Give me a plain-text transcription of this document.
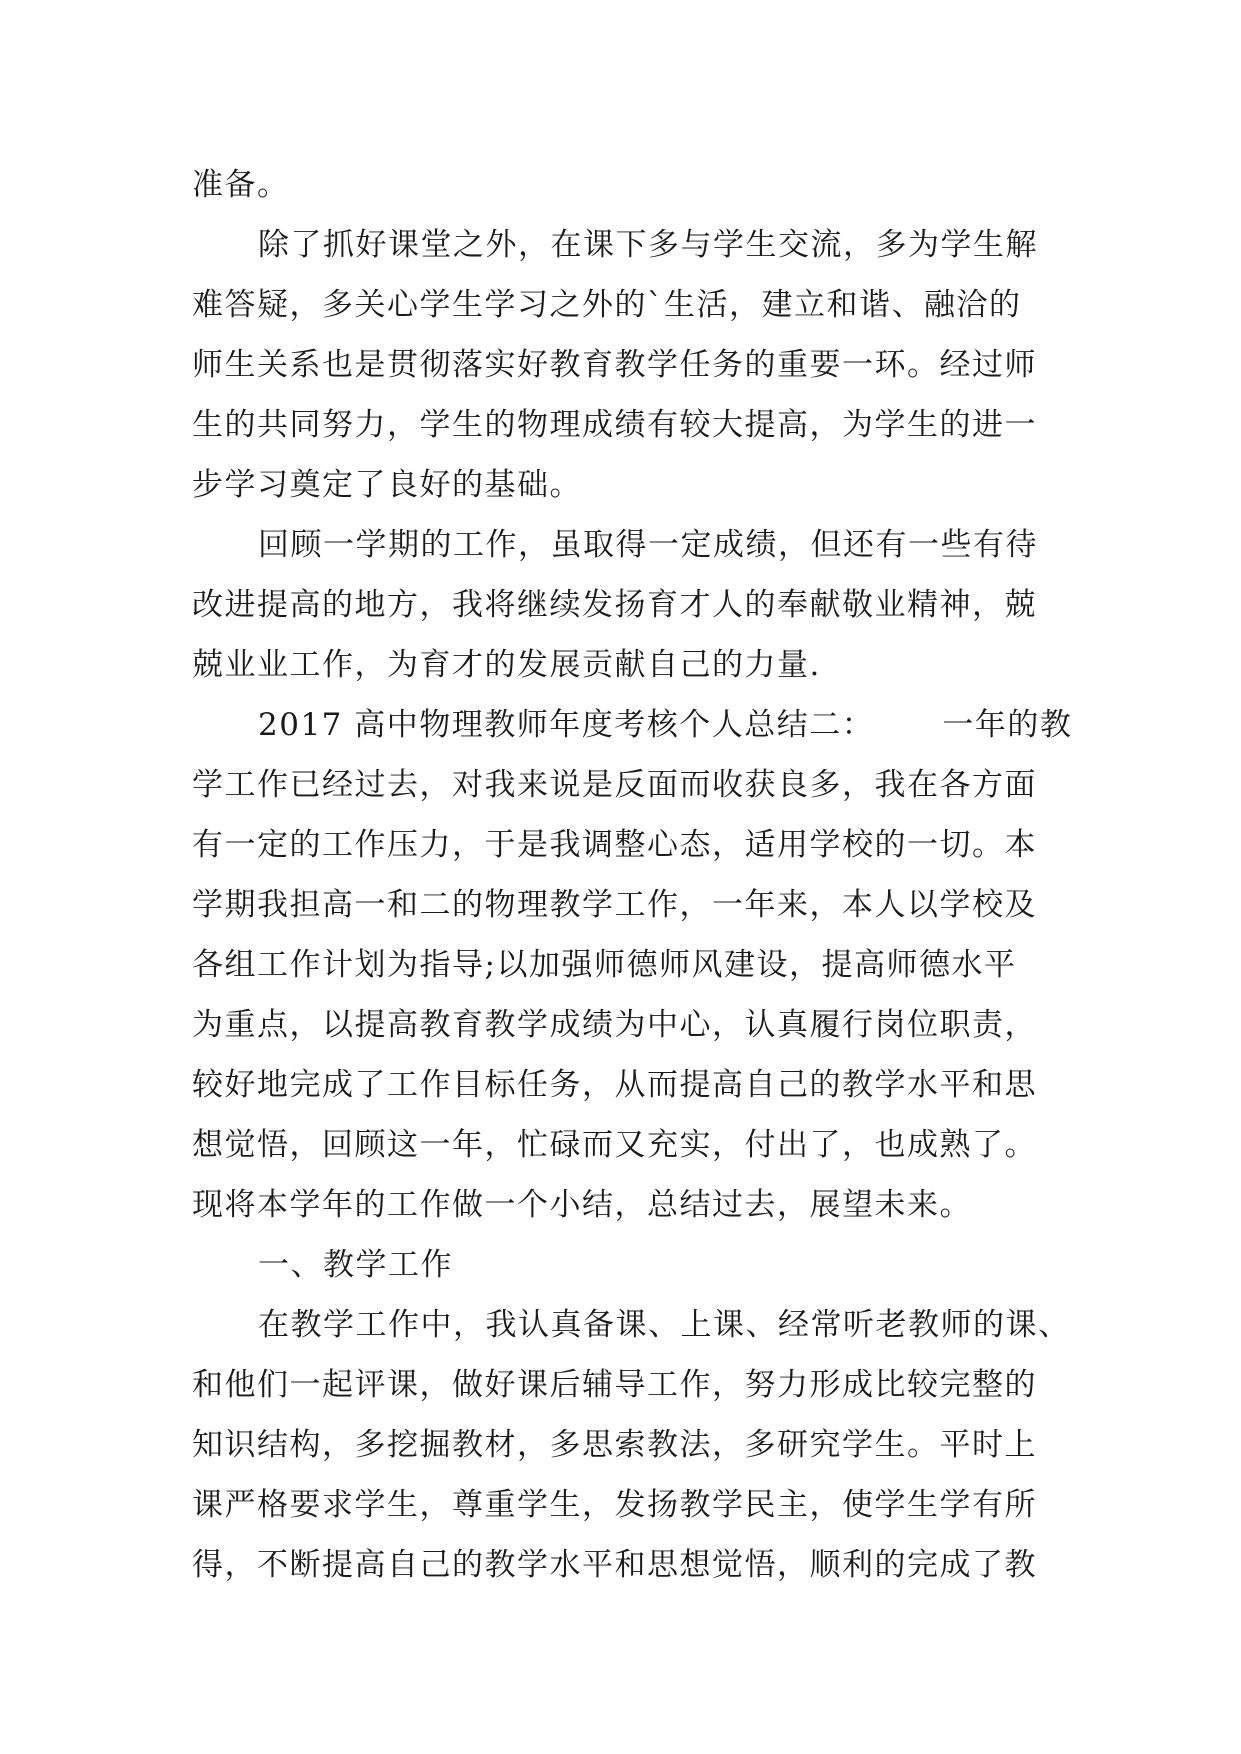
准备。
除了抓好课堂之外，在课下多与学生交流，多为学生解
难答疑，多关心学生学习之外的`生活，建立和谐、融洽的
师生关系也是贯彻落实好教育教学任务的重要一环。经过师
生的共同努力，学生的物理成绩有较大提高，为学生的进一
步学习奠定了良好的基础。
回顾一学期的工作，虽取得一定成绩，但还有一些有待
改进提高的地方，我将继续发扬育才人的奉献敬业精神，兢
兢业业工作，为育才的发展贡献自己的力量.
2017 高中物理教师年度考核个人总结二：      一年的教
学工作已经过去，对我来说是反面而收获良多，我在各方面
有一定的工作压力，于是我调整心态，适用学校的一切。本
学期我担高一和二的物理教学工作，一年来，本人以学校及
各组工作计划为指导;以加强师德师风建设，提高师德水平
为重点，以提高教育教学成绩为中心，认真履行岗位职责，
较好地完成了工作目标任务，从而提高自己的教学水平和思
想觉悟，回顾这一年，忙碌而又充实，付出了，也成熟了。
现将本学年的工作做一个小结，总结过去，展望未来。
一、教学工作
在教学工作中，我认真备课、上课、经常听老教师的课、
和他们一起评课，做好课后辅导工作，努力形成比较完整的
知识结构，多挖掘教材，多思索教法，多研究学生。平时上
课严格要求学生，尊重学生，发扬教学民主，使学生学有所
得，不断提高自己的教学水平和思想觉悟，顺利的完成了教
